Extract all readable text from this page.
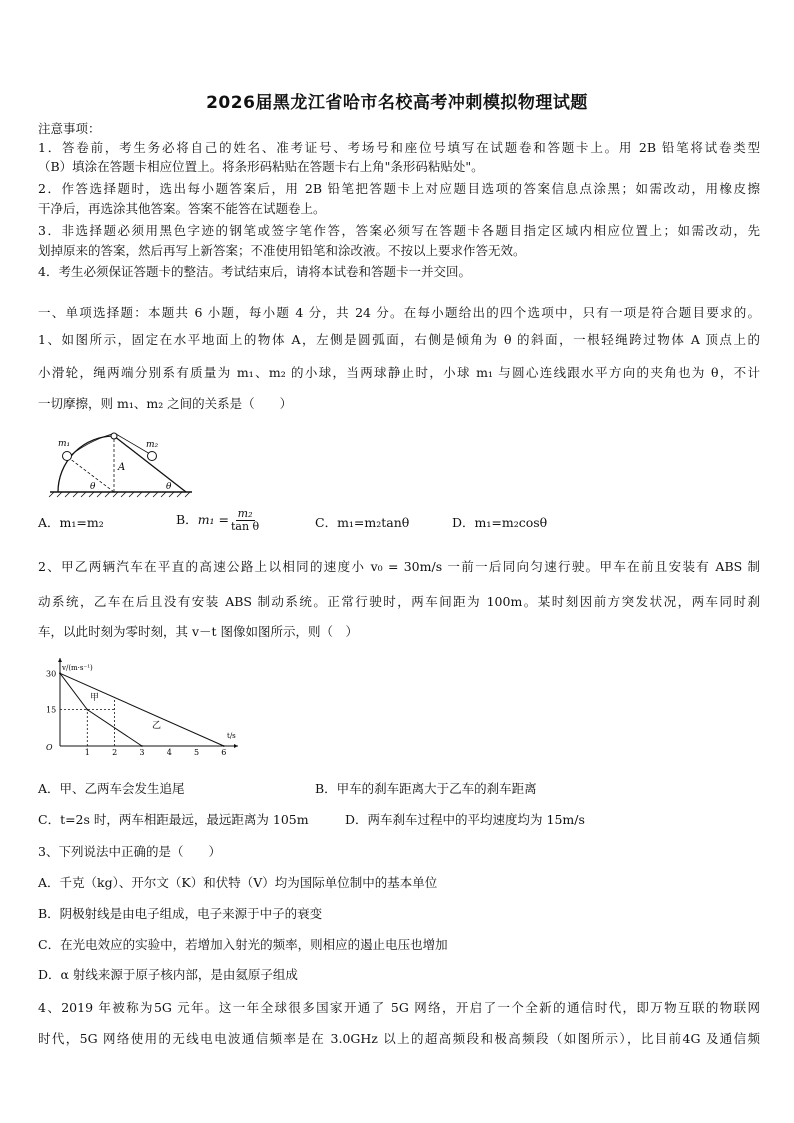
2026届黑龙江省哈市名校高考冲刺模拟物理试题
注意事项：
1．答卷前，考生务必将自己的姓名、准考证号、考场号和座位号填写在试题卷和答题卡上。用 2B 铅笔将试卷类型
（B）填涂在答题卡相应位置上。将条形码粘贴在答题卡右上角"条形码粘贴处"。
2．作答选择题时，选出每小题答案后，用 2B 铅笔把答题卡上对应题目选项的答案信息点涂黑；如需改动，用橡皮擦
干净后，再选涂其他答案。答案不能答在试题卷上。
3．非选择题必须用黑色字迹的钢笔或签字笔作答，答案必须写在答题卡各题目指定区域内相应位置上；如需改动，先
划掉原来的答案，然后再写上新答案；不准使用铅笔和涂改液。不按以上要求作答无效。
4．考生必须保证答题卡的整洁。考试结束后，请将本试卷和答题卡一并交回。
一、单项选择题：本题共 6 小题，每小题 4 分，共 24 分。在每小题给出的四个选项中，只有一项是符合题目要求的。
1、如图所示，固定在水平地面上的物体 A，左侧是圆弧面，右侧是倾角为 θ 的斜面，一根轻绳跨过物体 A 顶点上的
小滑轮，绳两端分别系有质量为 m₁、m₂ 的小球，当两球静止时，小球 m₁ 与圆心连线跟水平方向的夹角也为 θ，不计
一切摩擦，则 m₁、m₂ 之间的关系是（　　）
m₁	m₂
A
θ	θ
A．m₁=m₂	B． $m_1 = \frac{\text{m₂}}{\text{tan θ}}$	C．m₁=m₂tanθ	D．m₁=m₂cosθ
2、甲乙两辆汽车在平直的高速公路上以相同的速度小 v₀ = 30m/s 一前一后同向匀速行驶。甲车在前且安装有 ABS 制
动系统，乙车在后且没有安装 ABS 制动系统。正常行驶时，两车间距为 100m。某时刻因前方突发状况，两车同时刹
车，以此时刻为零时刻，其 v－t 图像如图所示，则（　）
1	2	3	4	5	6
15
30
v/(m·s⁻¹)
t/s
O
甲
乙
A．甲、乙两车会发生追尾	B．甲车的刹车距离大于乙车的刹车距离
C．t=2s 时，两车相距最远，最远距离为 105m	D．两车刹车过程中的平均速度均为 15m/s
3、下列说法中正确的是（　　）
A．千克（kg）、开尔文（K）和伏特（V）均为国际单位制中的基本单位
B．阴极射线是由电子组成，电子来源于中子的衰变
C．在光电效应的实验中，若增加入射光的频率，则相应的遏止电压也增加
D．α 射线来源于原子核内部，是由氦原子组成
4、2019 年被称为5G 元年。这一年全球很多国家开通了 5G 网络，开启了一个全新的通信时代，即万物互联的物联网
时代，5G 网络使用的无线电电波通信频率是在 3.0GHz 以上的超高频段和极高频段（如图所示），比目前4G 及通信频
